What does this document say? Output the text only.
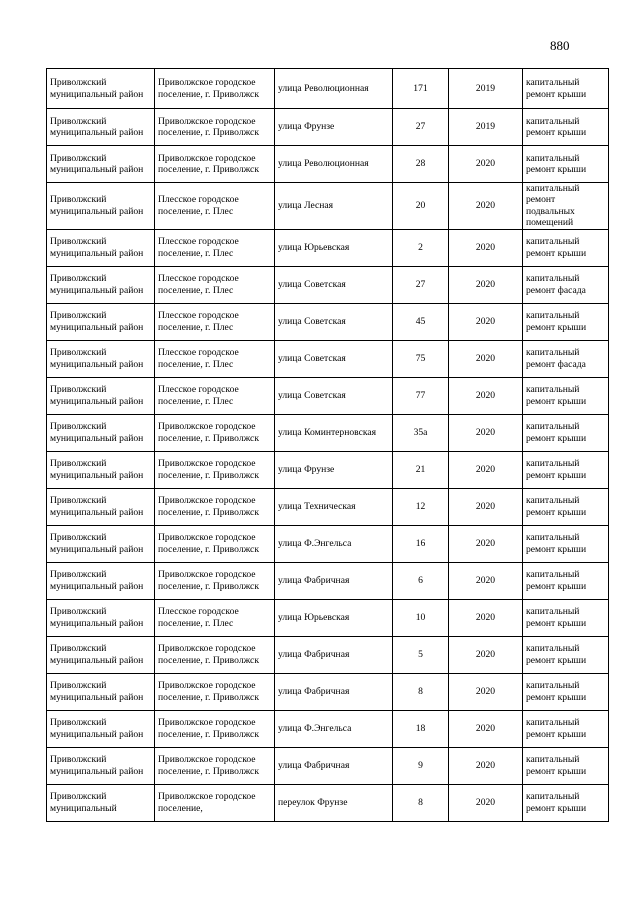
880
Приволжский муниципальный район	Приволжское городское поселение, г. Приволжск	улица Революционная	171	2019	капитальный ремонт крыши
Приволжский муниципальный район	Приволжское городское поселение, г. Приволжск	улица Фрунзе	27	2019	капитальный ремонт крыши
Приволжский муниципальный район	Приволжское городское поселение, г. Приволжск	улица Революционная	28	2020	капитальный ремонт крыши
Приволжский муниципальный район	Плесское городское поселение, г. Плес	улица Лесная	20	2020	капитальный ремонт подвальных помещений
Приволжский муниципальный район	Плесское городское поселение, г. Плес	улица Юрьевская	2	2020	капитальный ремонт крыши
Приволжский муниципальный район	Плесское городское поселение, г. Плес	улица Советская	27	2020	капитальный ремонт фасада
Приволжский муниципальный район	Плесское городское поселение, г. Плес	улица Советская	45	2020	капитальный ремонт крыши
Приволжский муниципальный район	Плесское городское поселение, г. Плес	улица Советская	75	2020	капитальный ремонт фасада
Приволжский муниципальный район	Плесское городское поселение, г. Плес	улица Советская	77	2020	капитальный ремонт крыши
Приволжский муниципальный район	Приволжское городское поселение, г. Приволжск	улица Коминтерновская	35а	2020	капитальный ремонт крыши
Приволжский муниципальный район	Приволжское городское поселение, г. Приволжск	улица Фрунзе	21	2020	капитальный ремонт крыши
Приволжский муниципальный район	Приволжское городское поселение, г. Приволжск	улица Техническая	12	2020	капитальный ремонт крыши
Приволжский муниципальный район	Приволжское городское поселение, г. Приволжск	улица Ф.Энгельса	16	2020	капитальный ремонт крыши
Приволжский муниципальный район	Приволжское городское поселение, г. Приволжск	улица Фабричная	6	2020	капитальный ремонт крыши
Приволжский муниципальный район	Плесское городское поселение, г. Плес	улица Юрьевская	10	2020	капитальный ремонт крыши
Приволжский муниципальный район	Приволжское городское поселение, г. Приволжск	улица Фабричная	5	2020	капитальный ремонт крыши
Приволжский муниципальный район	Приволжское городское поселение, г. Приволжск	улица Фабричная	8	2020	капитальный ремонт крыши
Приволжский муниципальный район	Приволжское городское поселение, г. Приволжск	улица Ф.Энгельса	18	2020	капитальный ремонт крыши
Приволжский муниципальный район	Приволжское городское поселение, г. Приволжск	улица Фабричная	9	2020	капитальный ремонт крыши
Приволжский муниципальный	Приволжское городское поселение,	переулок Фрунзе	8	2020	капитальный ремонт крыши
